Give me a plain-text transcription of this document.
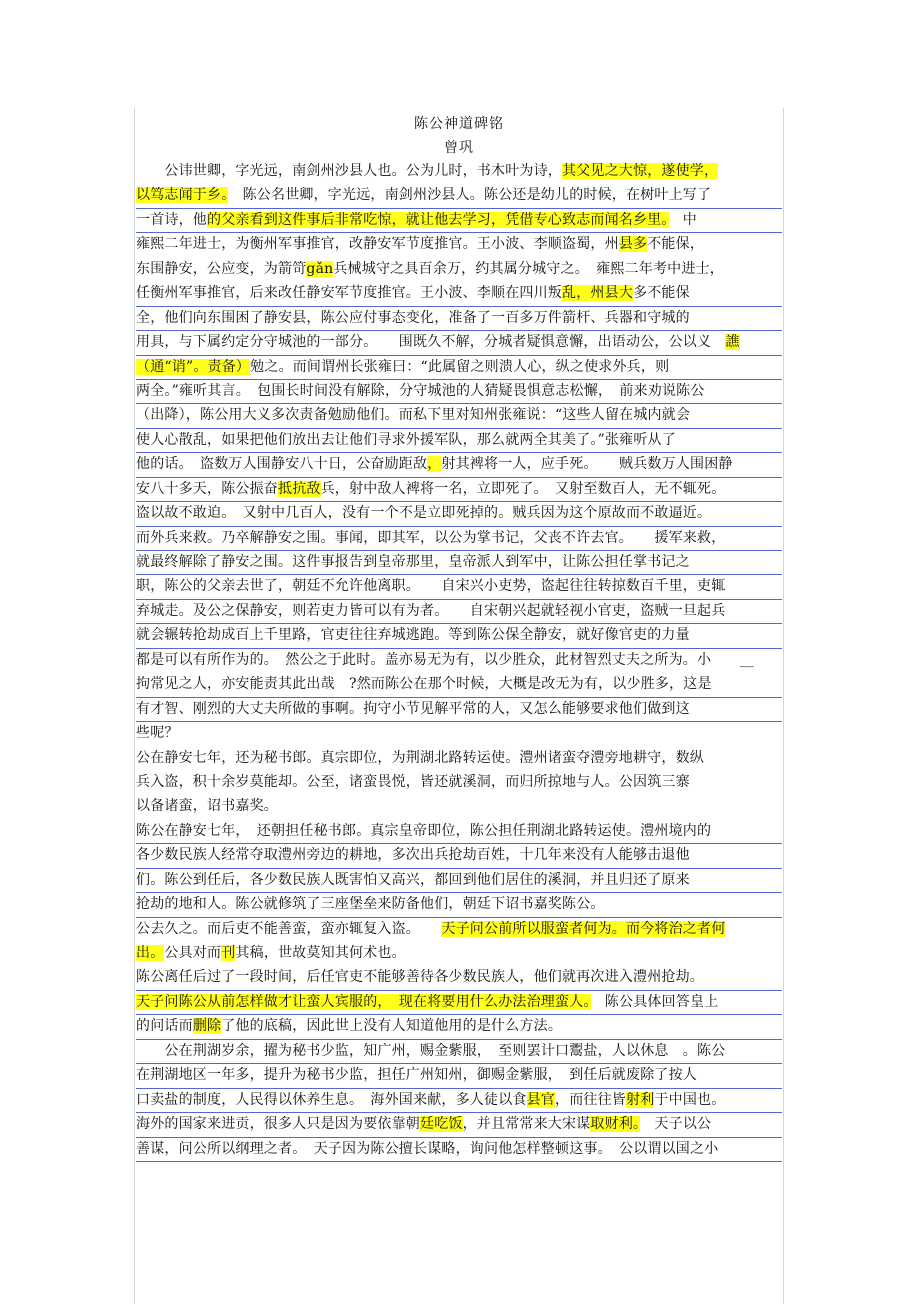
陈公神道碑铭
曾巩
　　公讳世卿，字光远，南剑州沙县人也。公为儿时，书木叶为诗，其父见之大惊，遂使学，
以笃志闻于乡。　陈公名世卿，字光远，南剑州沙县人。陈公还是幼儿的时候，在树叶上写了
一首诗，他的父亲看到这件事后非常吃惊，就让他去学习，凭借专心致志而闻名乡里。　中
雍熙二年进士，为衡州军事推官，改静安军节度推官。王小波、李顺盗蜀，州县多不能保，
东围静安，公应变，为箭笴gǎn兵械城守之具百余万，约其属分城守之。　雍熙二年考中进士，
任衡州军事推官，后来改任静安军节度推官。王小波、李顺在四川叛乱，州县大多不能保
全，他们向东围困了静安县，陈公应付事态变化，准备了一百多万件箭杆、兵器和守城的
用具，与下属约定分守城池的一部分。　　围既久不解，分城者疑惧意懈，出语动公，公以义　譙
（通“诮”。责备）勉之。而间谓州长张雍曰：“此属留之则溃人心，纵之使求外兵，则
两全。”雍听其言。　包围长时间没有解除，分守城池的人猜疑畏惧意志松懈，　前来劝说陈公
（出降），陈公用大义多次责备勉励他们。而私下里对知州张雍说：“这些人留在城内就会
使人心散乱，如果把他们放出去让他们寻求外援军队，那么就两全其美了。”张雍听从了
他的话。　盗数万人围静安八十日，公奋励距敌，射其裨将一人，应手死。　　贼兵数万人围困静
安八十多天，陈公振奋抵抗敌兵，射中敌人裨将一名，立即死了。　又射至数百人，无不辄死。
盗以故不敢迫。　又射中几百人，没有一个不是立即死掉的。贼兵因为这个原故而不敢逼近。
而外兵来救。乃卒解静安之围。事闻，即其军，以公为掌书记，父丧不许去官。　　援军来救，
就最终解除了静安之围。这件事报告到皇帝那里，皇帝派人到军中，让陈公担任掌书记之
职，陈公的父亲去世了，朝廷不允许他离职。　　自宋兴小吏势，盗起往往转掠数百千里，吏辄
弃城走。及公之保静安，则若吏力皆可以有为者。　　自宋朝兴起就轻视小官吏，盗贼一旦起兵
就会辗转抢劫成百上千里路，官吏往往弃城逃跑。等到陈公保全静安，就好像官吏的力量
都是可以有所作为的。　然公之于此时。盖亦易无为有，以少胜众，此材智烈丈夫之所为。小　　__
拘常见之人，亦安能责其此出哉　?然而陈公在那个时候，大概是改无为有，以少胜多，这是
有才智、刚烈的大丈夫所做的事啊。拘守小节见解平常的人，又怎么能够要求他们做到这
些呢？
公在静安七年，还为秘书郎。真宗即位，为荆湖北路转运使。澧州诸蛮夺澧旁地耕守，数纵
兵入盗，积十余岁莫能却。公至，诸蛮畏悦，皆还就溪洞，而归所掠地与人。公因筑三寨
以备诸蛮，诏书嘉奖。
陈公在静安七年，　还朝担任秘书郎。真宗皇帝即位，陈公担任荆湖北路转运使。澧州境内的
各少数民族人经常夺取澧州旁边的耕地，多次出兵抢劫百姓，十几年来没有人能够击退他
们。陈公到任后，各少数民族人既害怕又高兴，都回到他们居住的溪洞，并且归还了原来
抢劫的地和人。陈公就修筑了三座堡垒来防备他们，朝廷下诏书嘉奖陈公。
公去久之。而后吏不能善蛮，蛮亦辄复入盗。　　天子问公前所以服蛮者何为。而今将治之者何
出。公具对而刊其稿，世故莫知其何术也。
陈公离任后过了一段时间，后任官吏不能够善待各少数民族人，他们就再次进入澧州抢劫。
天子问陈公从前怎样做才让蛮人宾服的，　现在将要用什么办法治理蛮人。　陈公具体回答皇上
的问话而删除了他的底稿，因此世上没有人知道他用的是什么方法。
　　公在荆湖岁余，擢为秘书少监，知广州，赐金紫服，　至则罢计口鬻盐，人以休息　。陈公
在荆湖地区一年多，提升为秘书少监，担任广州知州，御赐金紫服，　到任后就废除了按人
口卖盐的制度，人民得以休养生息。　海外国来献，多人徒以食县官，而往往皆射利于中国也。
海外的国家来进贡，很多人只是因为要依靠朝廷吃饭，并且常常来大宋谋取财利。　天子以公
善谋，问公所以纲理之者。　天子因为陈公擅长谋略，询问他怎样整顿这事。　公以谓以国之小
